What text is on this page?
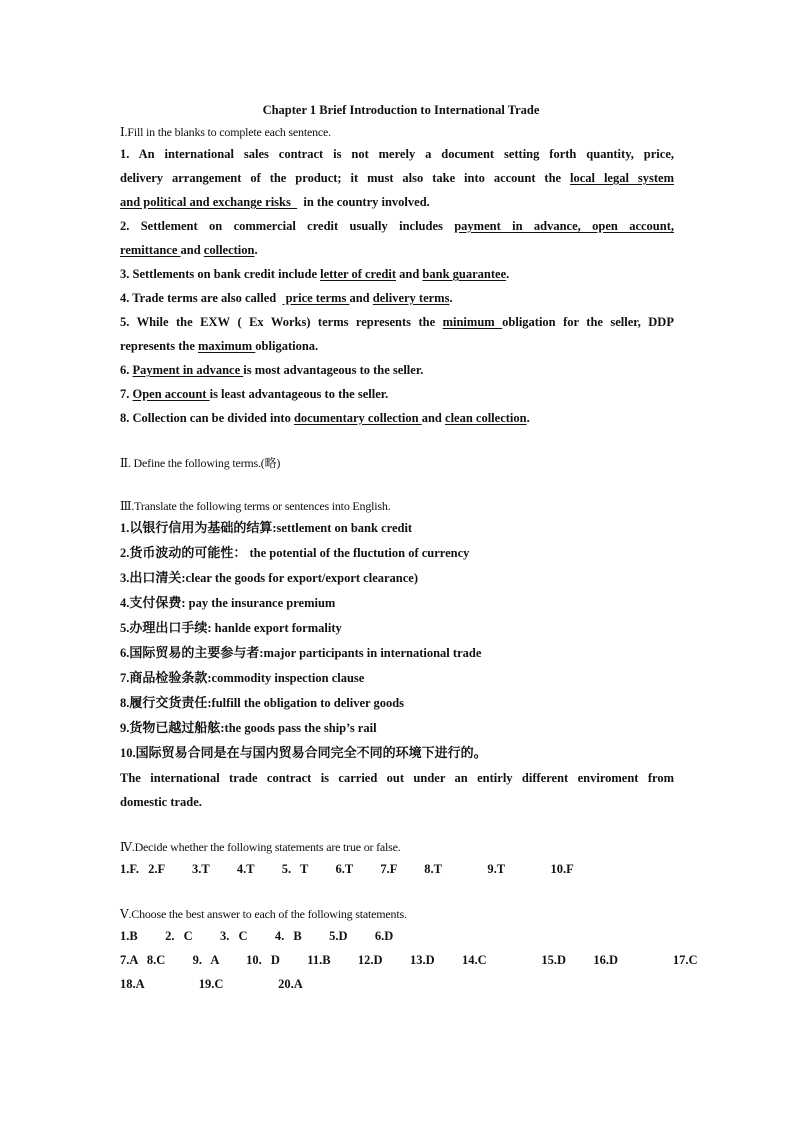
Chapter 1 Brief Introduction to International Trade
Ⅰ.Fill in the blanks to complete each sentence.
1. An international sales contract is not merely a document setting forth quantity, price,
delivery arrangement of the product; it must also take into account the local legal system
and political and exchange risks    in the country involved.
2. Settlement on commercial credit usually includes payment in advance, open account,
remittance and collection.
3. Settlements on bank credit include letter of credit and bank guarantee.
4. Trade terms are also called   price terms and delivery terms.
5. While the EXW ( Ex Works) terms represents the minimum obligation for the seller, DDP
represents the maximum obligationa.
6. Payment in advance is most advantageous to the seller.
7. Open account is least advantageous to the seller.
8. Collection can be divided into documentary collection and clean collection.
Ⅱ. Define the following terms.(略)
Ⅲ.Translate the following terms or sentences into English.
1.以银行信用为基础的结算:settlement on bank credit
2.货币波动的可能性： the potential of the fluctution of currency
3.出口清关:clear the goods for export/export clearance)
4.支付保费: pay the insurance premium
5.办理出口手续: hanlde export formality
6.国际贸易的主要参与者:major participants in international trade
7.商品检验条款:commodity inspection clause
8.履行交货责任:fulfill the obligation to deliver goods
9.货物已越过船舷:the goods pass the ship’s rail
10.国际贸易合同是在与国内贸易合同完全不同的环境下进行的。
The international trade contract is carried out under an entirly different enviroment from
domestic trade.
Ⅳ.Decide whether the following statements are true or false.
1.F. 2.F   3.T   4.T   5. T   6.T   7.F   8.T     9.T     10.F
Ⅴ.Choose the best answer to each of the following statements.
1.B   2. C   3. C   4. B   5.D   6.D
7.A 8.C   9. A   10. D   11.B   12.D   13.D   14.C      15.D   16.D      17.C
18.A      19.C      20.A
